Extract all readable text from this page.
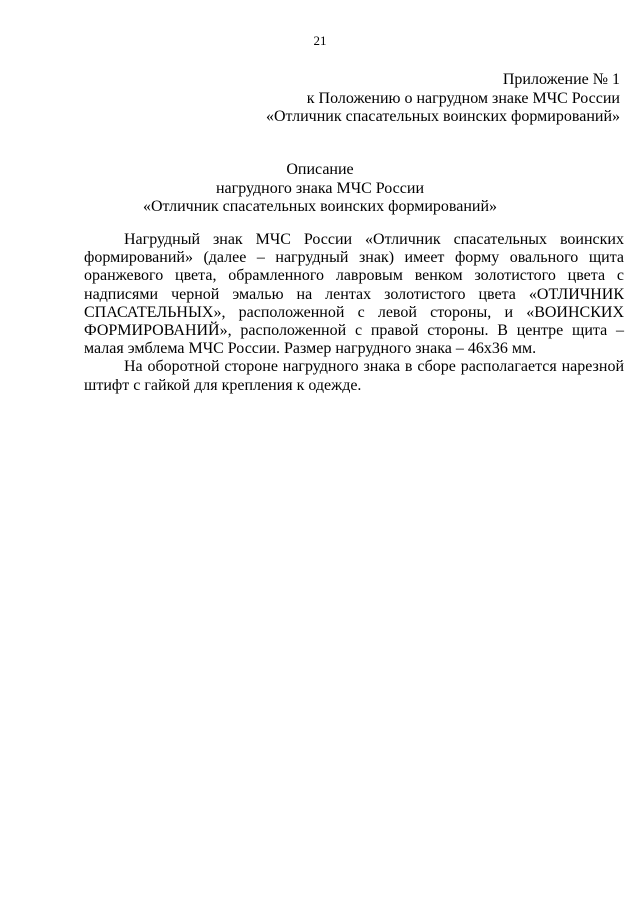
21
Приложение № 1
к Положению о нагрудном знаке МЧС России
«Отличник спасательных воинских формирований»
Описание
нагрудного знака МЧС России
«Отличник спасательных воинских формирований»

Нагрудный знак МЧС России «Отличник спасательных воинских формирований» (далее – нагрудный знак) имеет форму овального щита оранжевого цвета, обрамленного лавровым венком золотистого цвета с надписями черной эмалью на лентах золотистого цвета «ОТЛИЧНИК СПАСАТЕЛЬНЫХ», расположенной с левой стороны, и «ВОИНСКИХ ФОРМИРОВАНИЙ», расположенной с правой стороны. В центре щита – малая эмблема МЧС России. Размер нагрудного знака – 46х36 мм.

На оборотной стороне нагрудного знака в сборе располагается нарезной штифт с гайкой для крепления к одежде.
